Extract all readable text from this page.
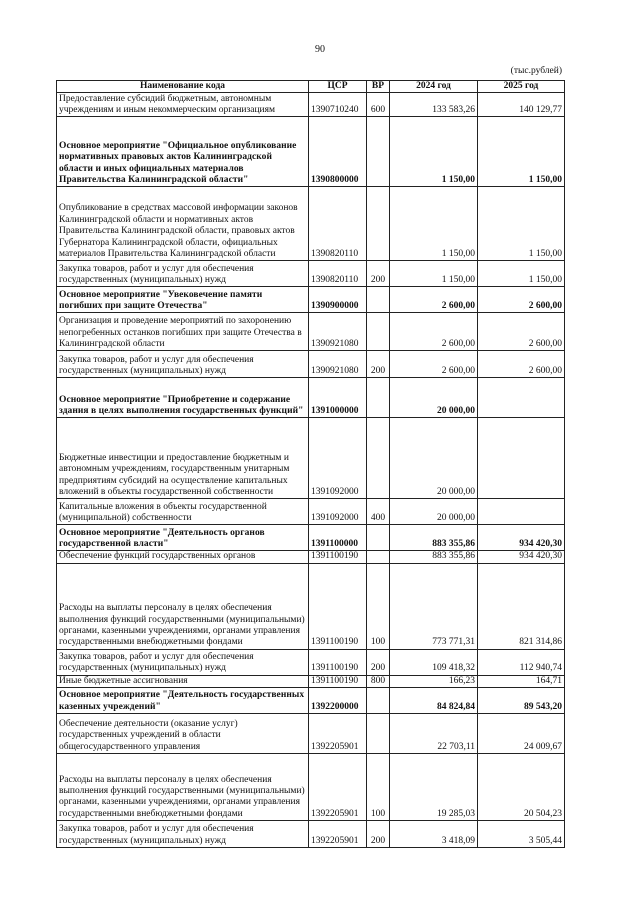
90
(тыс.рублей)
Наименование кода	ЦСР	ВР	2024 год	2025 год
Предоставление субсидий бюджетным, автономным учреждениям и иным некоммерческим организациям	1390710240	600	133 583,26	140 129,77
Основное мероприятие "Официальное опубликование нормативных правовых актов Калининградской области и иных официальных материалов Правительства Калининградской области"	1390800000		1 150,00	1 150,00
Опубликование в средствах массовой информации законов Калининградской области и нормативных актов Правительства Калининградской области, правовых актов Губернатора Калининградской области, официальных материалов Правительства Калининградской области	1390820110		1 150,00	1 150,00
Закупка товаров, работ и услуг для обеспечения государственных (муниципальных) нужд	1390820110	200	1 150,00	1 150,00
Основное мероприятие "Увековечение памяти погибших при защите Отечества"	1390900000		2 600,00	2 600,00
Организация и проведение мероприятий по захоронению непогребенных останков погибших при защите Отечества в Калининградской области	1390921080		2 600,00	2 600,00
Закупка товаров, работ и услуг для обеспечения государственных (муниципальных) нужд	1390921080	200	2 600,00	2 600,00
Основное мероприятие "Приобретение и содержание здания в целях выполнения государственных функций"	1391000000		20 000,00	
Бюджетные инвестиции и предоставление бюджетным и автономным учреждениям, государственным унитарным предприятиям субсидий на осуществление капитальных вложений в объекты государственной собственности	1391092000		20 000,00	
Капитальные вложения в объекты государственной (муниципальной) собственности	1391092000	400	20 000,00	
Основное мероприятие "Деятельность органов государственной власти"	1391100000		883 355,86	934 420,30
Обеспечение функций государственных органов	1391100190		883 355,86	934 420,30
Расходы на выплаты персоналу в целях обеспечения выполнения функций государственными (муниципальными) органами, казенными учреждениями, органами управления государственными внебюджетными фондами	1391100190	100	773 771,31	821 314,86
Закупка товаров, работ и услуг для обеспечения государственных (муниципальных) нужд	1391100190	200	109 418,32	112 940,74
Иные бюджетные ассигнования	1391100190	800	166,23	164,71
Основное мероприятие "Деятельность государственных казенных учреждений"	1392200000		84 824,84	89 543,20
Обеспечение деятельности (оказание услуг) государственных учреждений в области общегосударственного управления	1392205901		22 703,11	24 009,67
Расходы на выплаты персоналу в целях обеспечения выполнения функций государственными (муниципальными) органами, казенными учреждениями, органами управления государственными внебюджетными фондами	1392205901	100	19 285,03	20 504,23
Закупка товаров, работ и услуг для обеспечения государственных (муниципальных) нужд	1392205901	200	3 418,09	3 505,44
